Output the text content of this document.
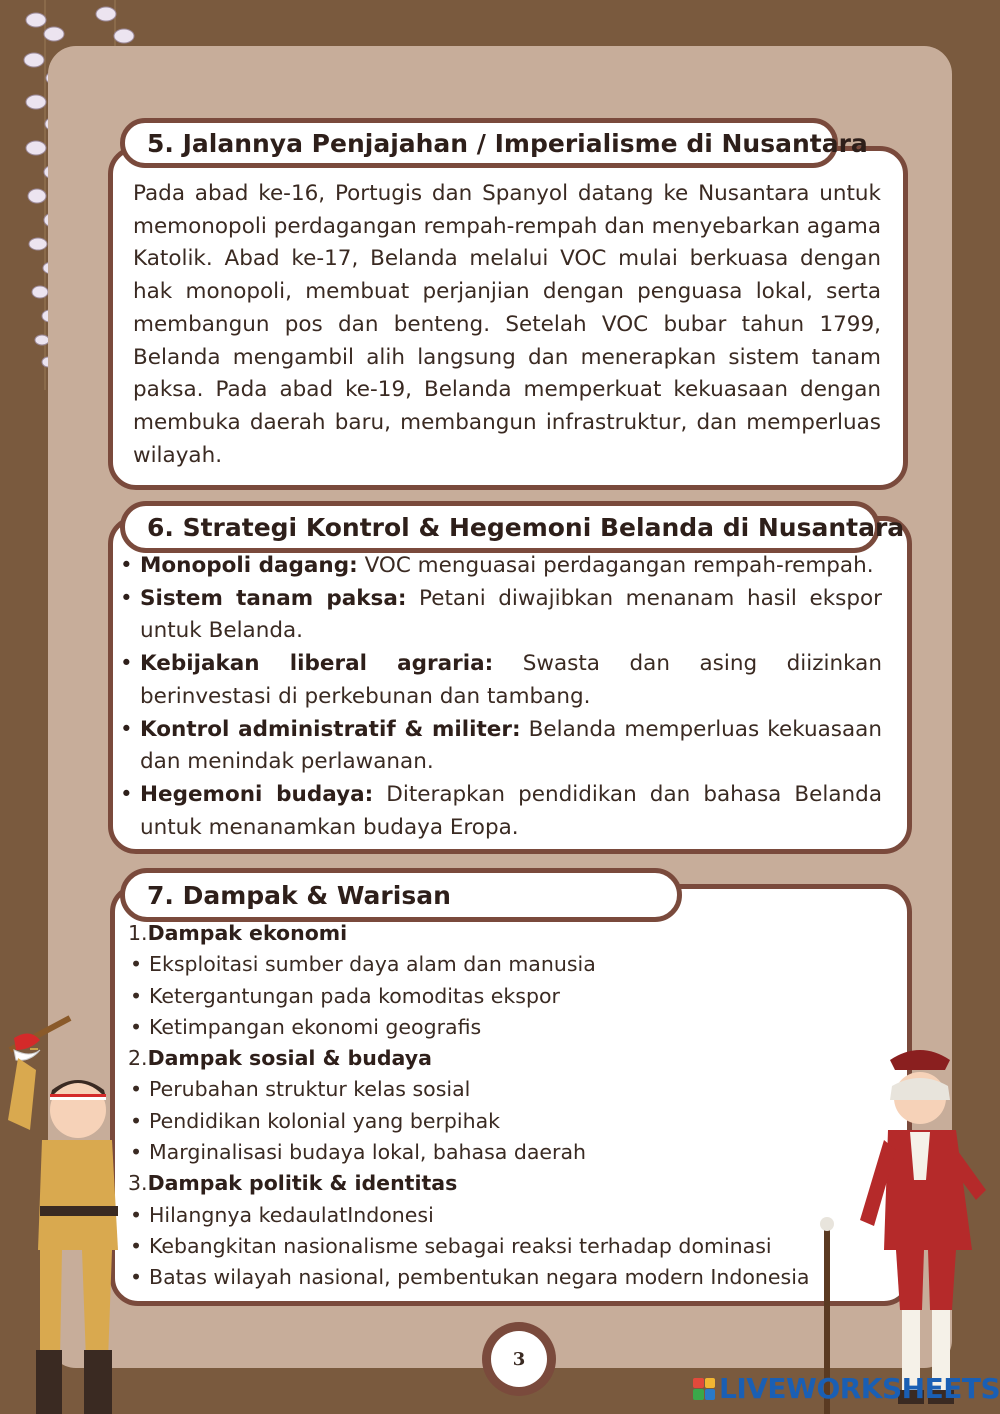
5. Jalannya Penjajahan / Imperialisme di Nusantara

Pada abad ke-16, Portugis dan Spanyol datang ke Nusantara untuk memonopoli perdagangan rempah-rempah dan menyebarkan agama Katolik. Abad ke-17, Belanda melalui VOC mulai berkuasa dengan hak monopoli, membuat perjanjian dengan penguasa lokal, serta membangun pos dan benteng. Setelah VOC bubar tahun 1799, Belanda mengambil alih langsung dan menerapkan sistem tanam paksa. Pada abad ke-19, Belanda memperkuat kekuasaan dengan membuka daerah baru, membangun infrastruktur, dan memperluas wilayah.

6. Strategi Kontrol & Hegemoni Belanda di Nusantara
• Monopoli dagang: VOC menguasai perdagangan rempah-rempah.
• Sistem tanam paksa: Petani diwajibkan menanam hasil ekspor untuk Belanda.
• Kebijakan liberal agraria: Swasta dan asing diizinkan berinvestasi di perkebunan dan tambang.
• Kontrol administratif & militer: Belanda memperluas kekuasaan dan menindak perlawanan.
• Hegemoni budaya: Diterapkan pendidikan dan bahasa Belanda untuk menanamkan budaya Eropa.
7. Dampak & Warisan
1.Dampak ekonomi
• Eksploitasi sumber daya alam dan manusia
• Ketergantungan pada komoditas ekspor
• Ketimpangan ekonomi geografis
2.Dampak sosial & budaya
• Perubahan struktur kelas sosial
• Pendidikan kolonial yang berpihak
• Marginalisasi budaya lokal, bahasa daerah
3.Dampak politik & identitas
• Hilangnya kedaulatIndonesi
• Kebangkitan nasionalisme sebagai reaksi terhadap dominasi
• Batas wilayah nasional, pembentukan negara modern Indonesia
3
LIVEWORKSHEETS
